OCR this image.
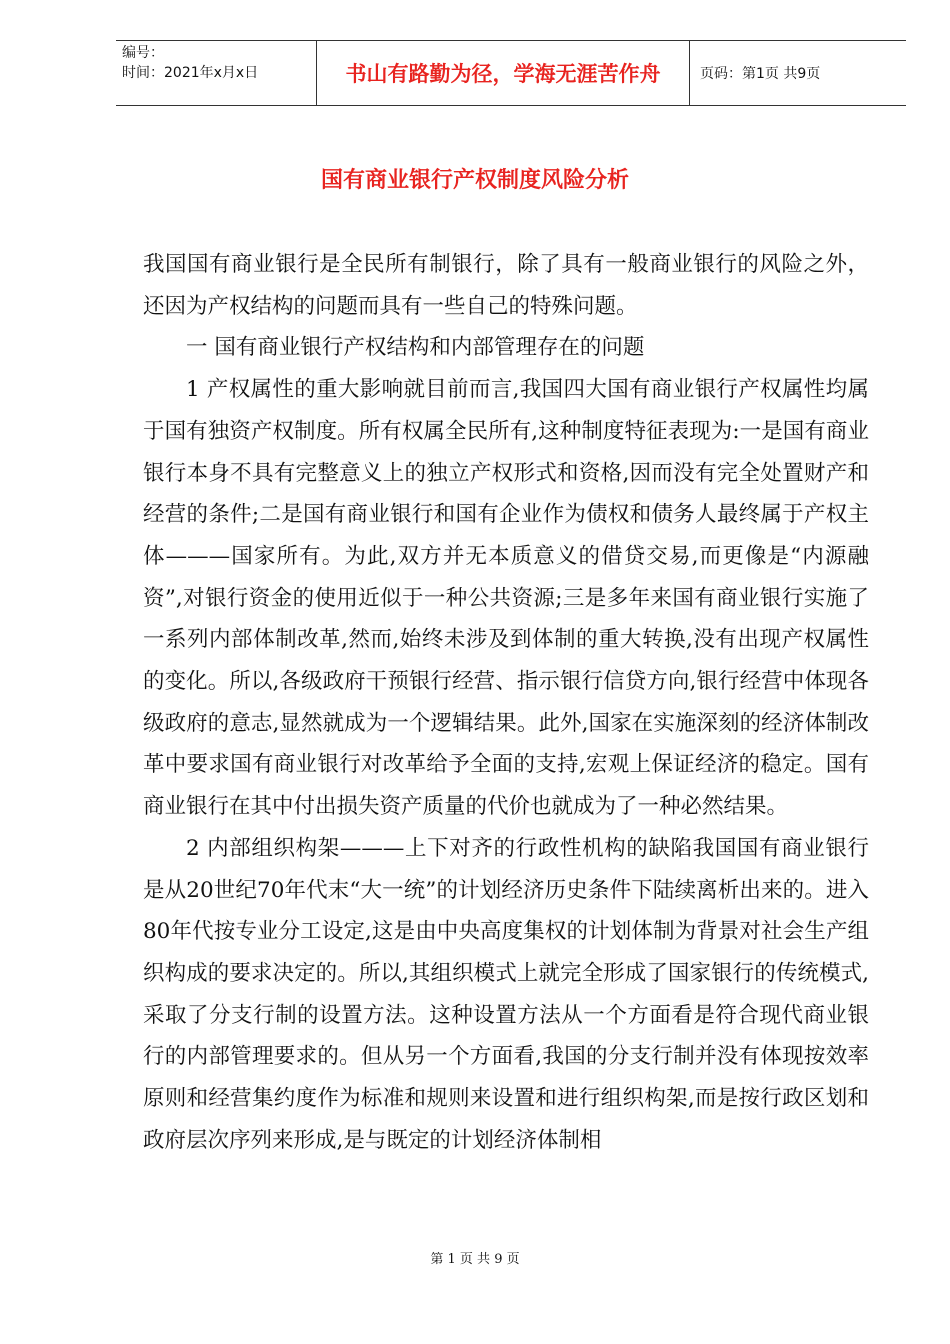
编号：
时间：2021年x月x日	书山有路勤为径，学海无涯苦作舟	页码：第1页 共9页
国有商业银行产权制度风险分析

我国国有商业银行是全民所有制银行，除了具有一般商业银行的风险之外，还因为产权结构的问题而具有一些自己的特殊问题。

一 国有商业银行产权结构和内部管理存在的问题

1 产权属性的重大影响就目前而言,我国四大国有商业银行产权属性均属于国有独资产权制度。所有权属全民所有,这种制度特征表现为:一是国有商业银行本身不具有完整意义上的独立产权形式和资格,因而没有完全处置财产和经营的条件;二是国有商业银行和国有企业作为债权和债务人最终属于产权主体———国家所有。为此,双方并无本质意义的借贷交易,而更像是“内源融资”,对银行资金的使用近似于一种公共资源;三是多年来国有商业银行实施了一系列内部体制改革,然而,始终未涉及到体制的重大转换,没有出现产权属性的变化。所以,各级政府干预银行经营、指示银行信贷方向,银行经营中体现各级政府的意志,显然就成为一个逻辑结果。此外,国家在实施深刻的经济体制改革中要求国有商业银行对改革给予全面的支持,宏观上保证经济的稳定。国有商业银行在其中付出损失资产质量的代价也就成为了一种必然结果。

2 内部组织构架———上下对齐的行政性机构的缺陷我国国有商业银行是从20世纪70年代末“大一统”的计划经济历史条件下陆续离析出来的。进入80年代按专业分工设定,这是由中央高度集权的计划体制为背景对社会生产组织构成的要求决定的。所以,其组织模式上就完全形成了国家银行的传统模式,采取了分支行制的设置方法。这种设置方法从一个方面看是符合现代商业银行的内部管理要求的。但从另一个方面看,我国的分支行制并没有体现按效率原则和经营集约度作为标准和规则来设置和进行组织构架,而是按行政区划和政府层次序列来形成,是与既定的计划经济体制相

第 1 页 共 9 页
